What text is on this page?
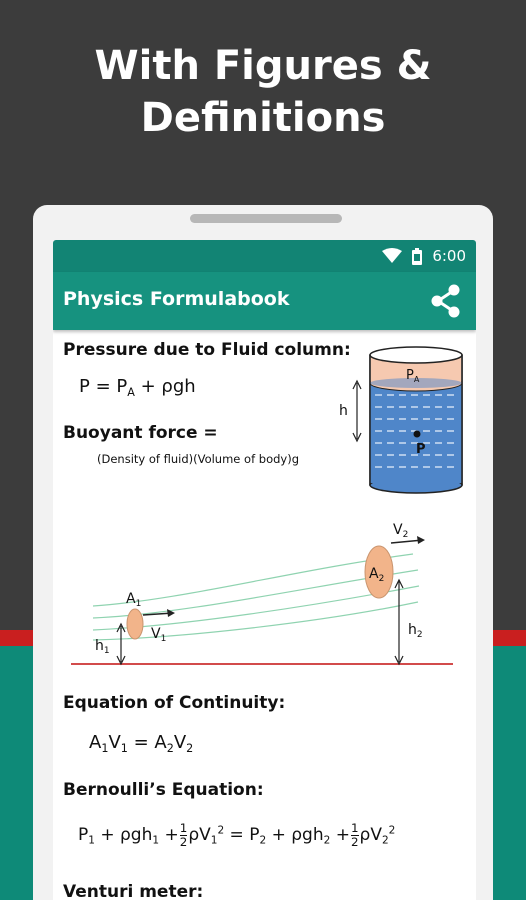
With Figures &
Definitions
6:00
Physics Formulabook
Pressure due to Fluid column:
$P = P_A + \rho gh$
Buoyant force =
(Density of fluid)(Volume of body)g
$P_A$
h
P
$A_1$
$V_1$
$h_1$
$A_2$
$V_2$
$h_2$
Equation of Continuity:
$A_1V_1 = A_2V_2$
Bernoulli’s Equation:
$P_1 + \rho gh_1 + \frac{1}{2} \rho V_1^2 = P_2 + \rho gh_2 + \frac{1}{2} \rho V_2^2$
Venturi meter:
